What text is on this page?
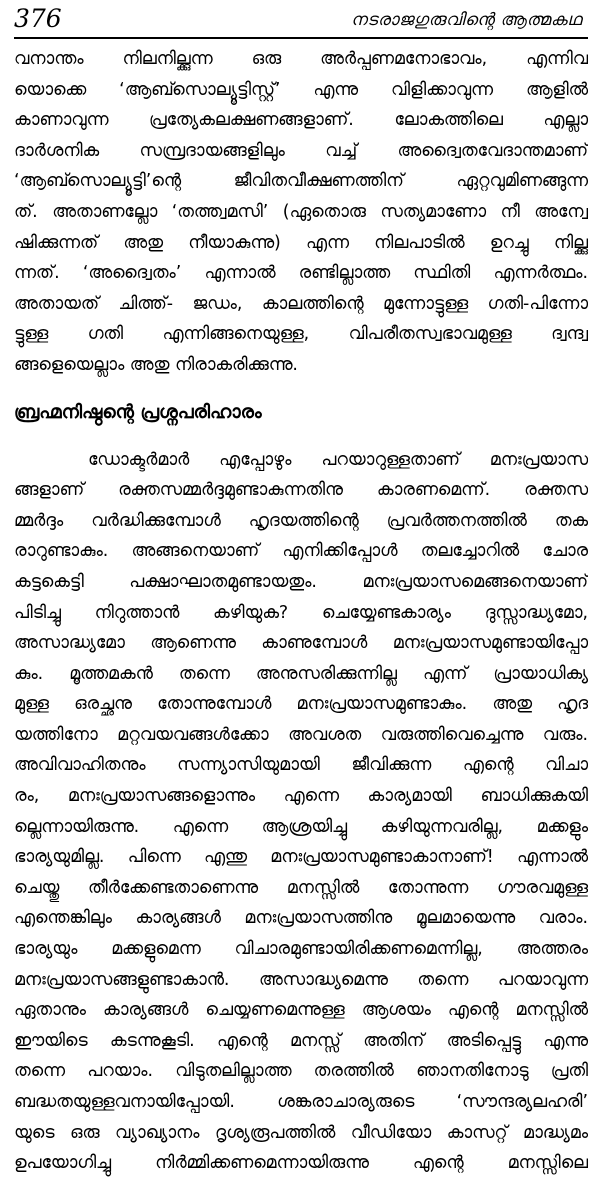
376	നടരാജഗുരുവിന്റെ ആത്മകഥ
വനാന്തം നിലനില്ക്കുന്ന ഒരു അർപ്പണമനോഭാവം, എന്നിവ
യൊക്കെ ‘ആബ്സൊല്യൂട്ടിസ്റ്റ്’ എന്നു വിളിക്കാവുന്ന ആളിൽ
കാണാവുന്ന പ്രത്യേകലക്ഷണങ്ങളാണ്. ലോകത്തിലെ എല്ലാ
ദാർശനിക സമ്പ്രദായങ്ങളിലും വച്ച് അദ്വൈതവേദാന്തമാണ്
‘ആബ്സൊല്യൂട്ടി’ന്റെ ജീവിതവീക്ഷണത്തിന് ഏറ്റവുമിണങ്ങുന്ന
ത്. അതാണല്ലോ ‘തത്ത്വമസി’ (ഏതൊരു സത്യമാണോ നീ അന്വേ
ഷിക്കുന്നത് അതു നീയാകുന്നു) എന്ന നിലപാടിൽ ഉറച്ചു നില്ക്കു
ന്നത്. ‘അദ്വൈതം’ എന്നാൽ രണ്ടില്ലാത്ത സ്ഥിതി എന്നർത്ഥം.
അതായത് ചിത്ത്- ജഡം, കാലത്തിന്റെ മുന്നോട്ടുള്ള ഗതി-പിന്നോ
ട്ടുള്ള ഗതി എന്നിങ്ങനെയുള്ള, വിപരീതസ്വഭാവമുള്ള ദ്വന്ദ്വ
ങ്ങളെയെല്ലാം അതു നിരാകരിക്കുന്നു.
ബ്രഹ്മനിഷ്ഠന്റെ പ്രശ്നപരിഹാരം
ഡോക്ടർമാർ എപ്പോഴും പറയാറുള്ളതാണ് മനഃപ്രയാസ
ങ്ങളാണ് രക്തസമ്മർദ്ദമുണ്ടാകുന്നതിനു കാരണമെന്ന്. രക്തസ
മ്മർദ്ദം വർദ്ധിക്കുമ്പോൾ ഹൃദയത്തിന്റെ പ്രവർത്തനത്തിൽ തക
രാറുണ്ടാകും. അങ്ങനെയാണ് എനിക്കിപ്പോൾ തലച്ചോറിൽ ചോര
കട്ടകെട്ടി പക്ഷാഘാതമുണ്ടായതും. മനഃപ്രയാസമെങ്ങനെയാണ്
പിടിച്ചു നിറുത്താൻ കഴിയുക? ചെയ്യേണ്ടകാര്യം ദുസ്സാദ്ധ്യമോ,
അസാദ്ധ്യമോ ആണെന്നു കാണുമ്പോൾ മനഃപ്രയാസമുണ്ടായിപ്പോ
കും. മൂത്തമകൻ തന്നെ അനുസരിക്കുന്നില്ല എന്ന് പ്രായാധിക്യ
മുള്ള ഒരച്ഛനു തോന്നുമ്പോൾ മനഃപ്രയാസമുണ്ടാകും. അതു ഹൃദ
യത്തിനോ മറ്റവയവങ്ങൾക്കോ അവശത വരുത്തിവെച്ചെന്നു വരും.
അവിവാഹിതനും സന്ന്യാസിയുമായി ജീവിക്കുന്ന എന്റെ വിചാ
രം, മനഃപ്രയാസങ്ങളൊന്നും എന്നെ കാര്യമായി ബാധിക്കുകയി
ല്ലെന്നായിരുന്നു. എന്നെ ആശ്രയിച്ചു കഴിയുന്നവരില്ല, മക്കളും
ഭാര്യയുമില്ല. പിന്നെ എന്തു മനഃപ്രയാസമുണ്ടാകാനാണ്! എന്നാൽ
ചെയ്തു തീർക്കേണ്ടതാണെന്നു മനസ്സിൽ തോന്നുന്ന ഗൗരവമുള്ള
എന്തെങ്കിലും കാര്യങ്ങൾ മനഃപ്രയാസത്തിനു മൂലമായെന്നു വരാം.
ഭാര്യയും മക്കളുമെന്ന വിചാരമുണ്ടായിരിക്കണമെന്നില്ല, അത്തരം
മനഃപ്രയാസങ്ങളുണ്ടാകാൻ. അസാദ്ധ്യമെന്നു തന്നെ പറയാവുന്ന
ഏതാനും കാര്യങ്ങൾ ചെയ്യണമെന്നുള്ള ആശയം എന്റെ മനസ്സിൽ
ഈയിടെ കടന്നുകൂടി. എന്റെ മനസ്സ് അതിന് അടിപ്പെട്ടു എന്നു
തന്നെ പറയാം. വിടുതലില്ലാത്ത തരത്തിൽ ഞാനതിനോടു പ്രതി
ബദ്ധതയുള്ളവനായിപ്പോയി. ശങ്കരാചാര്യരുടെ ‘സൗന്ദര്യലഹരി’
യുടെ ഒരു വ്യാഖ്യാനം ദൃശ്യരൂപത്തിൽ വീഡിയോ കാസറ്റ് മാദ്ധ്യമം
ഉപയോഗിച്ചു നിർമ്മിക്കണമെന്നായിരുന്നു എന്റെ മനസ്സിലെ
